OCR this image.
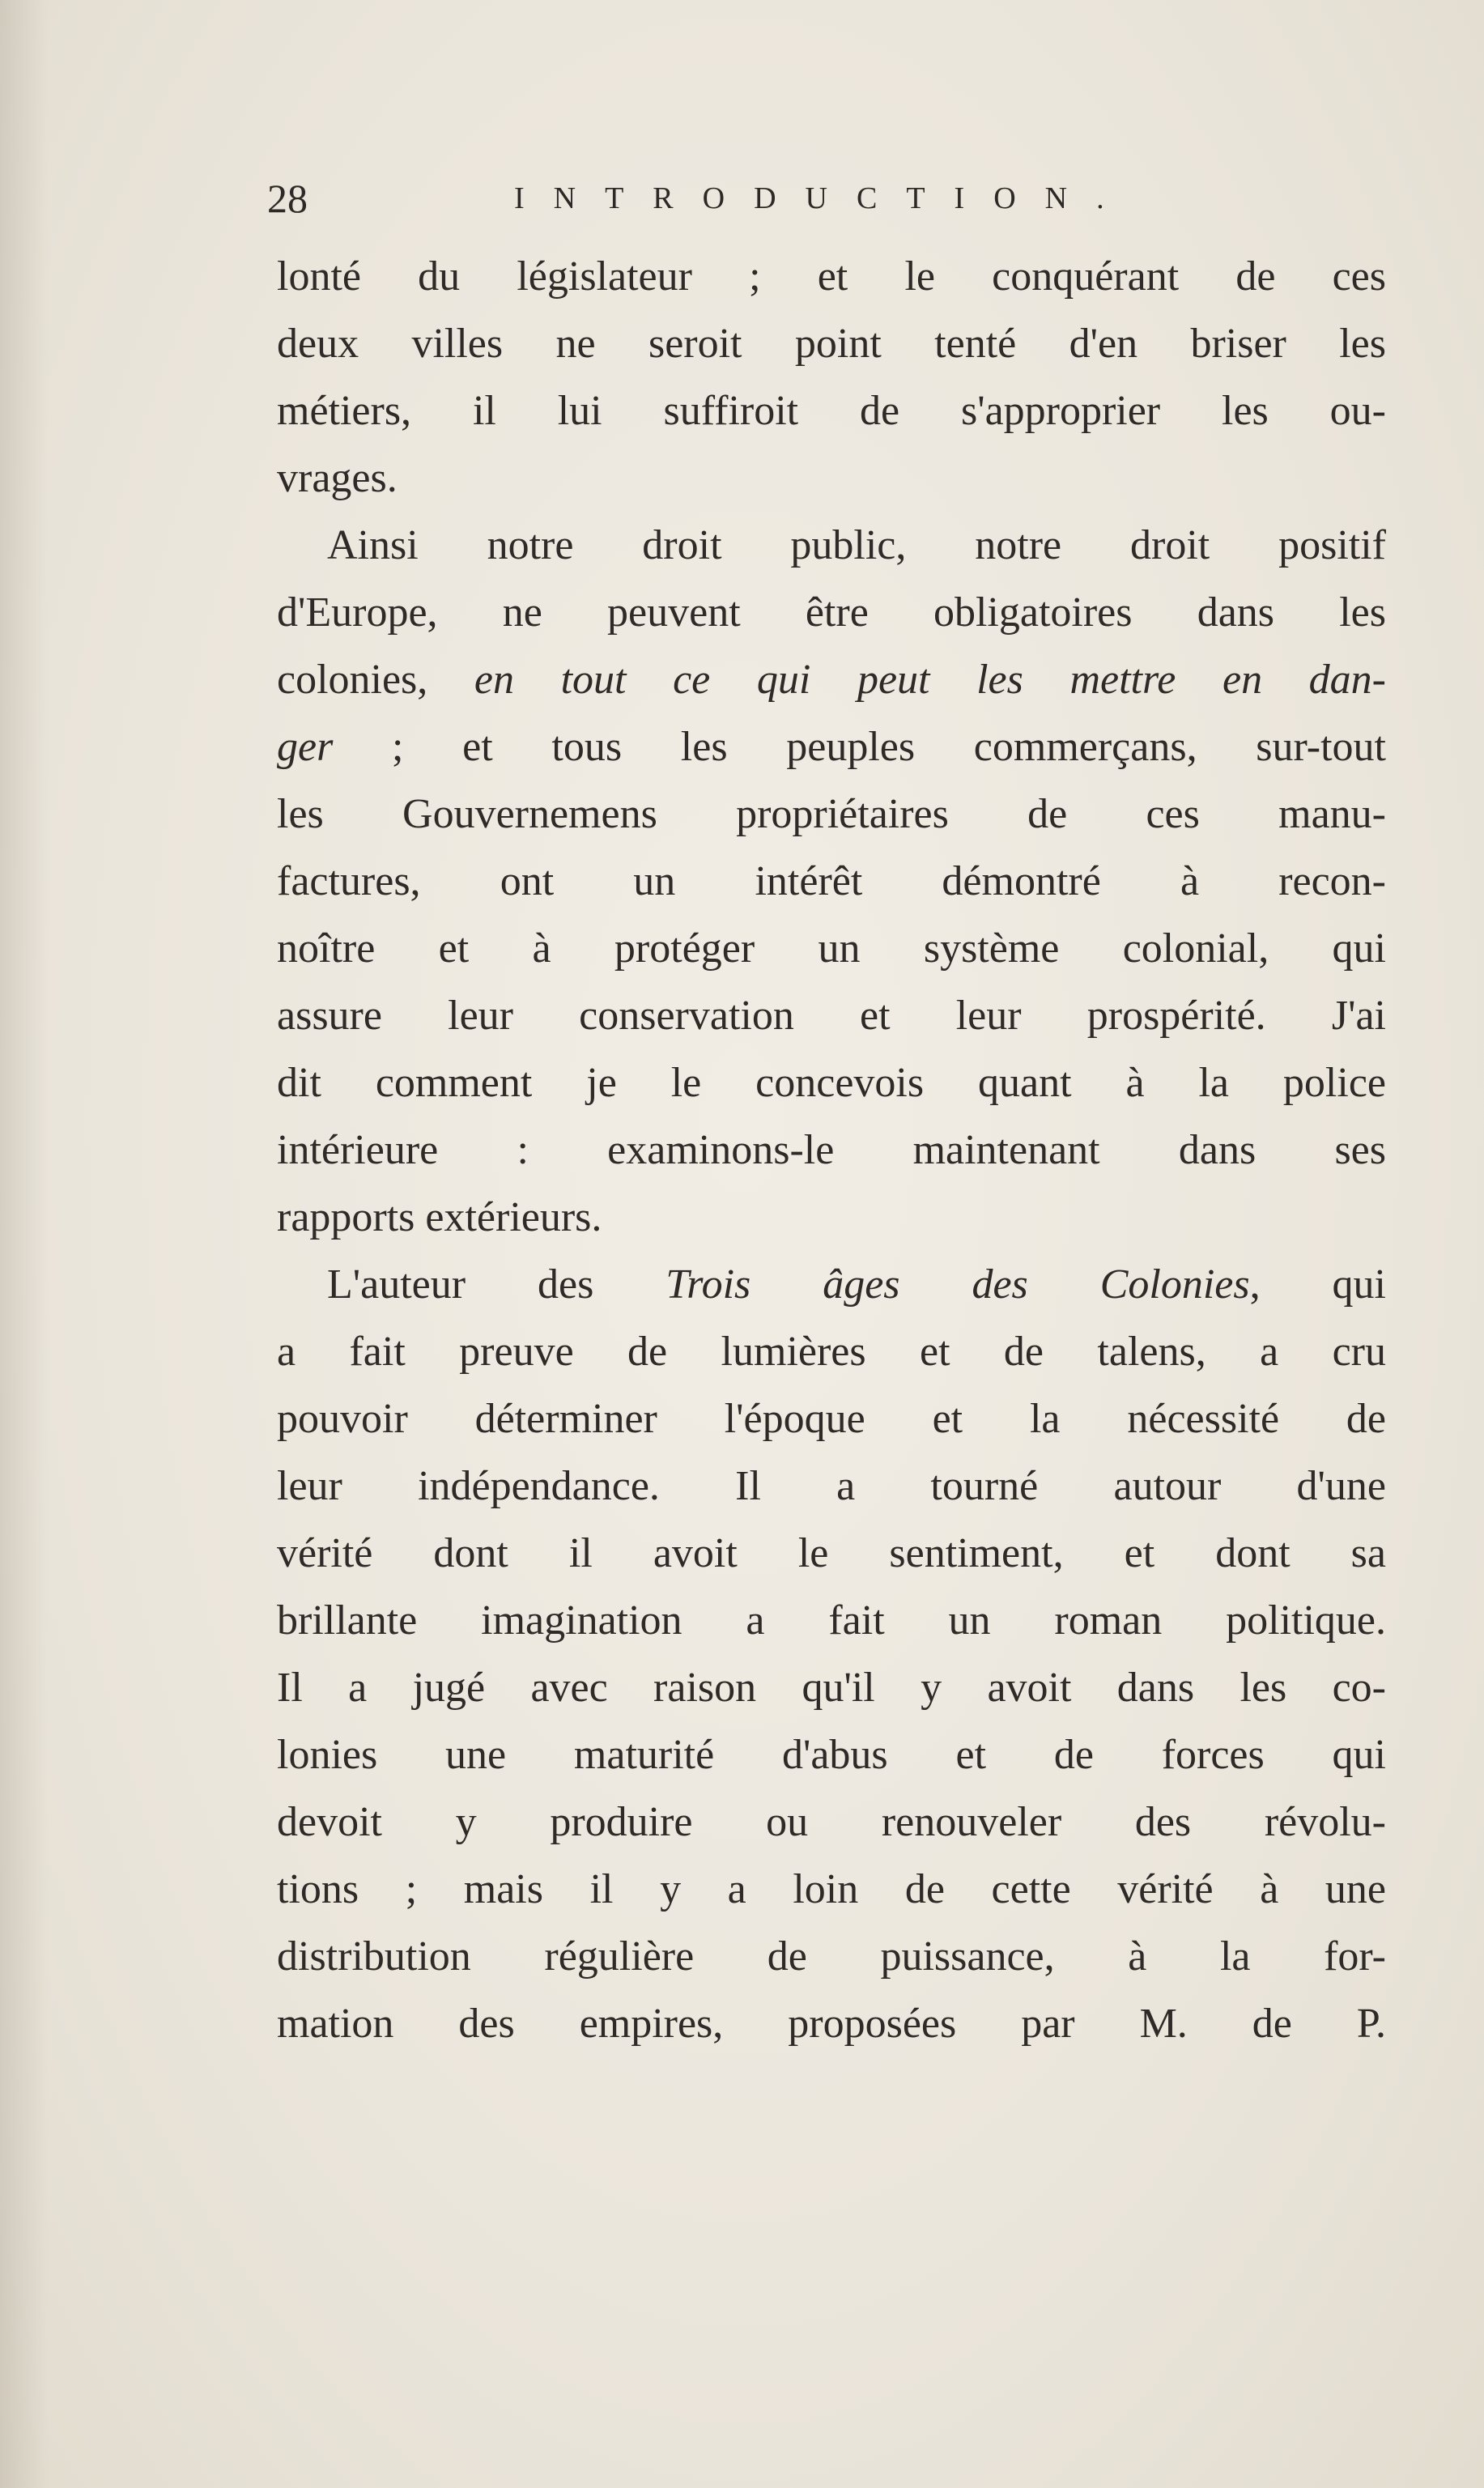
28	INTRODUCTION.
lonté du législateur ; et le conquérant de ces
deux villes ne seroit point tenté d'en briser les
métiers, il lui suffiroit de s'approprier les ou-
vrages.
Ainsi notre droit public, notre droit positif
d'Europe, ne peuvent être obligatoires dans les
colonies, en tout ce qui peut les mettre en dan-
ger ; et tous les peuples commerçans, sur-tout
les Gouvernemens propriétaires de ces manu-
factures, ont un intérêt démontré à recon-
noître et à protéger un système colonial, qui
assure leur conservation et leur prospérité. J'ai
dit comment je le concevois quant à la police
intérieure : examinons-le maintenant dans ses
rapports extérieurs.
L'auteur des Trois âges des Colonies, qui
a fait preuve de lumières et de talens, a cru
pouvoir déterminer l'époque et la nécessité de
leur indépendance. Il a tourné autour d'une
vérité dont il avoit le sentiment, et dont sa
brillante imagination a fait un roman politique.
Il a jugé avec raison qu'il y avoit dans les co-
lonies une maturité d'abus et de forces qui
devoit y produire ou renouveler des révolu-
tions ; mais il y a loin de cette vérité à une
distribution régulière de puissance, à la for-
mation des empires, proposées par M. de P.
